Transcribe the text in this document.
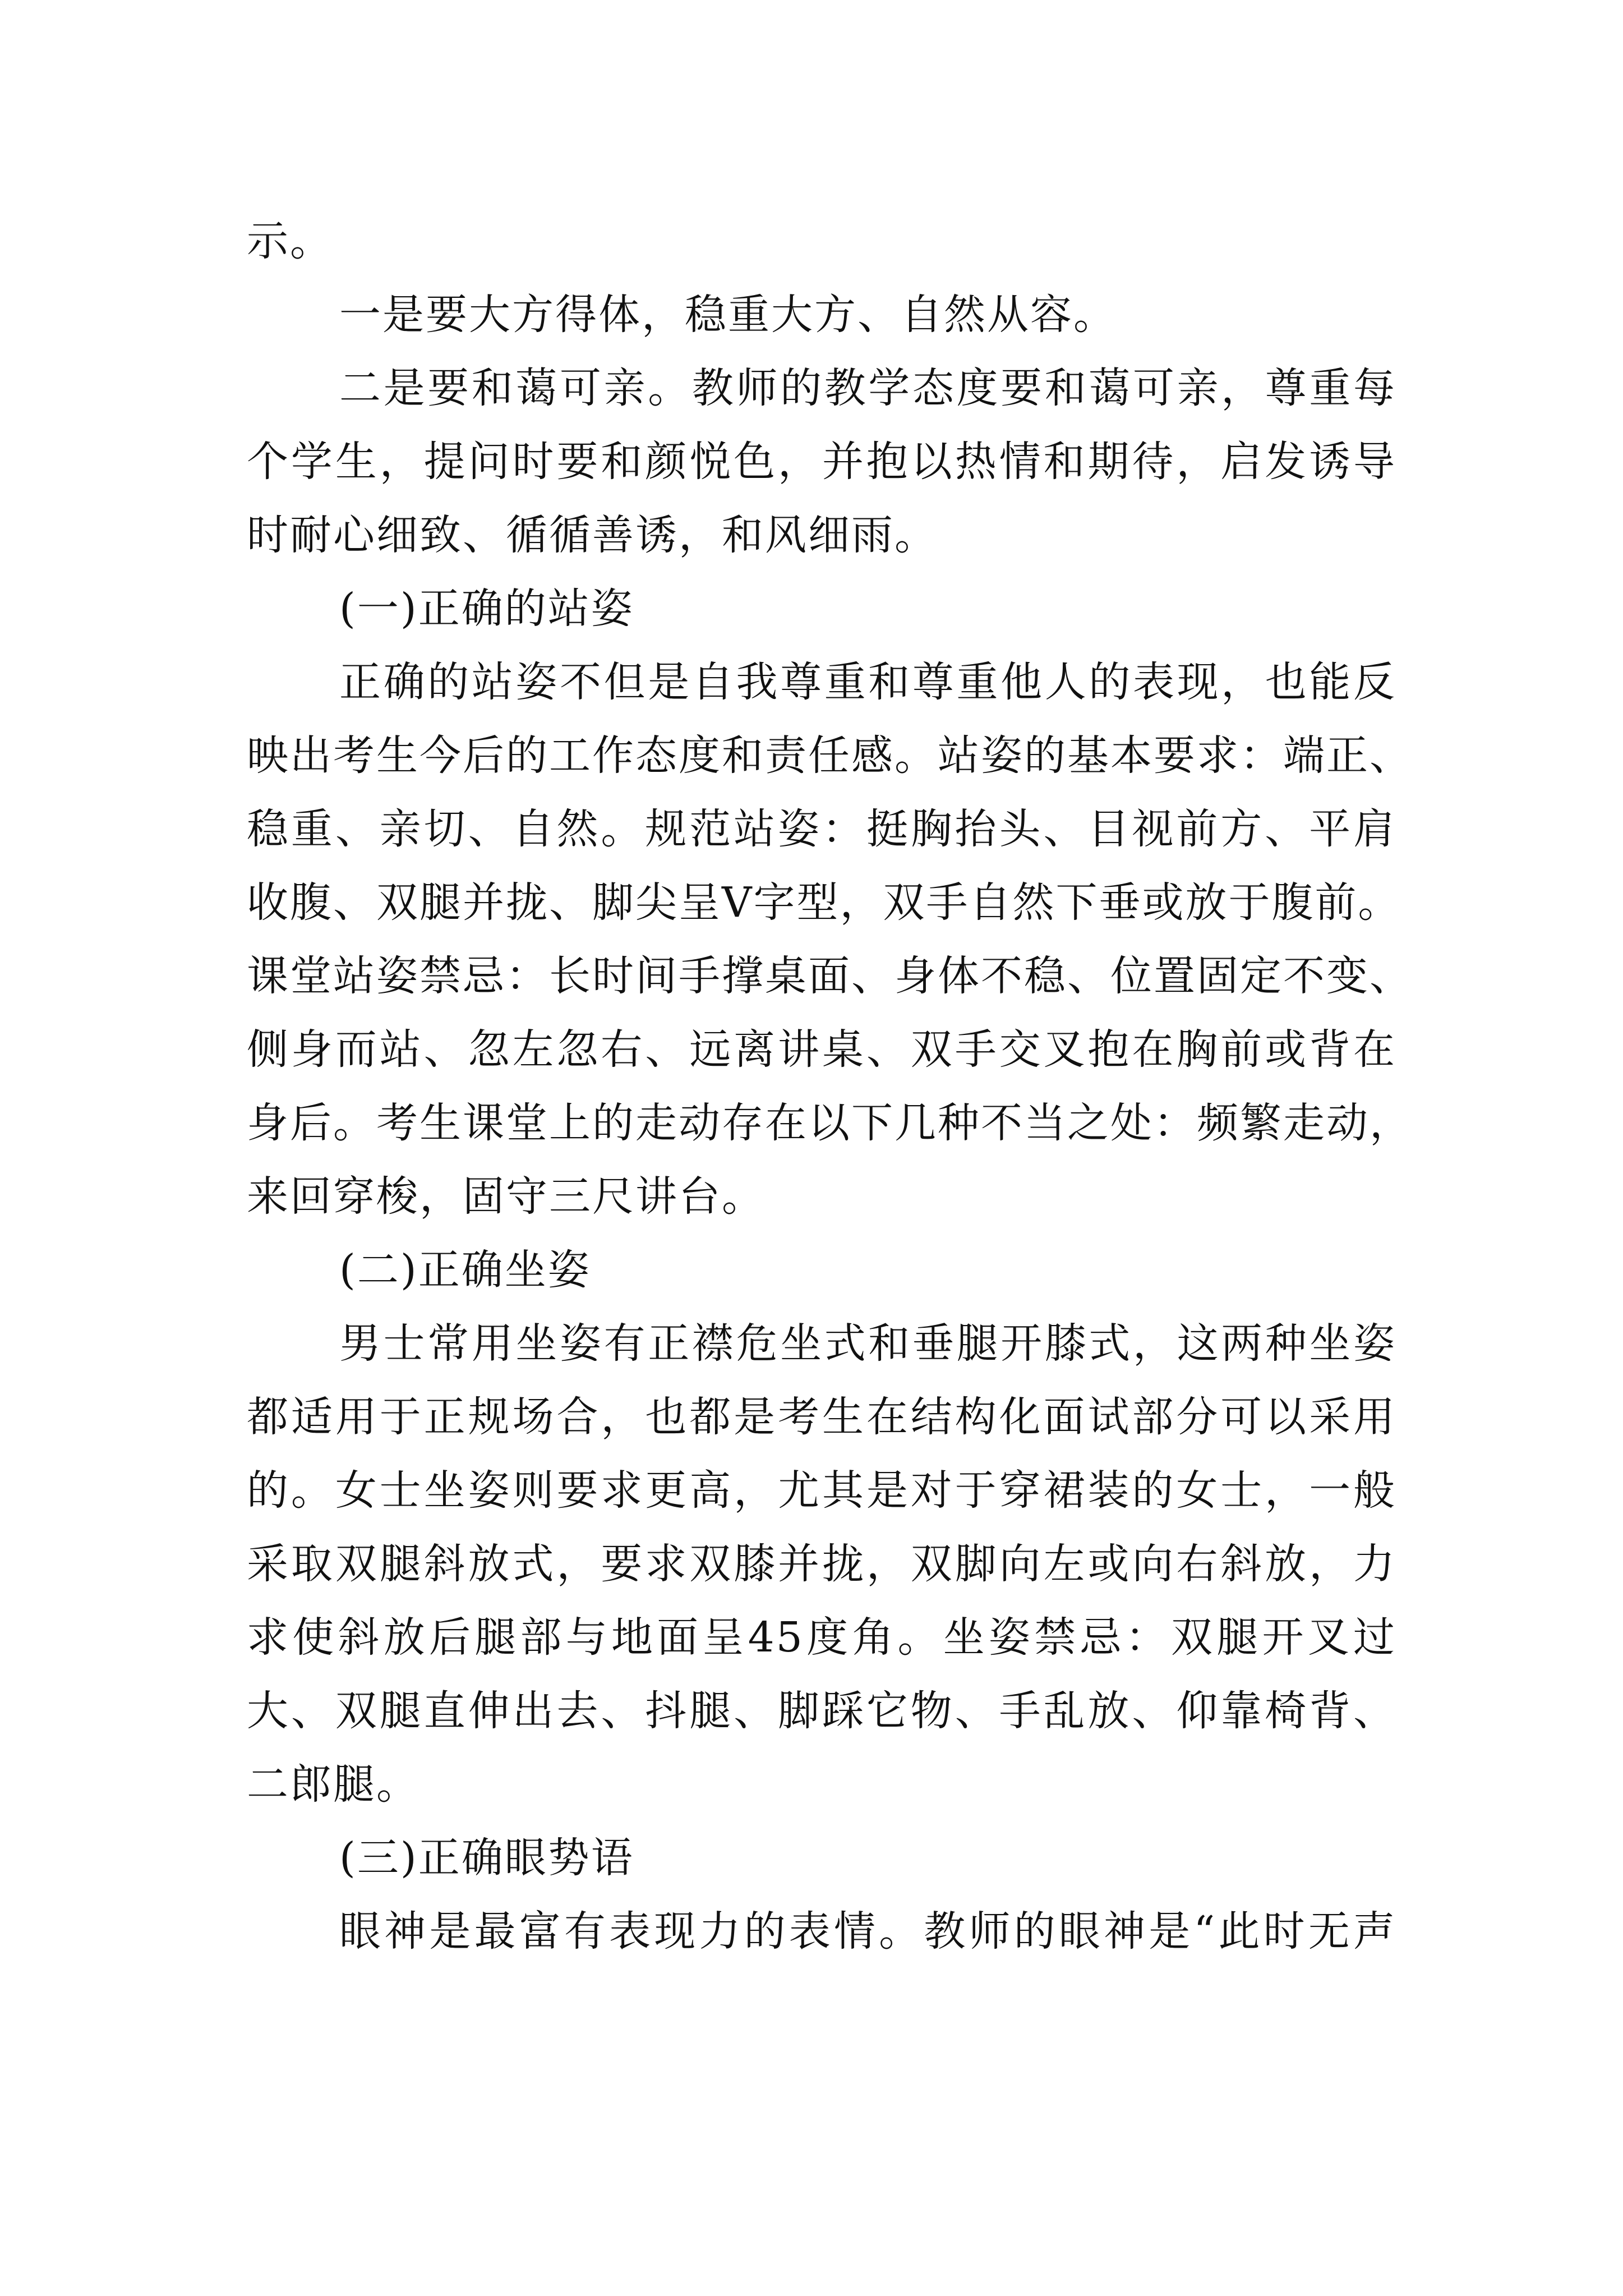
示。
一是要大方得体，稳重大方、自然从容。
二是要和蔼可亲。教师的教学态度要和蔼可亲，尊重每
个学生，提问时要和颜悦色，并抱以热情和期待，启发诱导
时耐心细致、循循善诱，和风细雨。
(一)正确的站姿
正确的站姿不但是自我尊重和尊重他人的表现，也能反
映出考生今后的工作态度和责任感。站姿的基本要求：端正、
稳重、亲切、自然。规范站姿：挺胸抬头、目视前方、平肩
收腹、双腿并拢、脚尖呈V字型，双手自然下垂或放于腹前。
课堂站姿禁忌：长时间手撑桌面、身体不稳、位置固定不变、
侧身而站、忽左忽右、远离讲桌、双手交叉抱在胸前或背在
身后。考生课堂上的走动存在以下几种不当之处：频繁走动，
来回穿梭，固守三尺讲台。
(二)正确坐姿
男士常用坐姿有正襟危坐式和垂腿开膝式，这两种坐姿
都适用于正规场合，也都是考生在结构化面试部分可以采用
的。女士坐姿则要求更高，尤其是对于穿裙装的女士，一般
采取双腿斜放式，要求双膝并拢，双脚向左或向右斜放，力
求使斜放后腿部与地面呈45度角。坐姿禁忌：双腿开叉过
大、双腿直伸出去、抖腿、脚踩它物、手乱放、仰靠椅背、
二郎腿。
(三)正确眼势语
眼神是最富有表现力的表情。教师的眼神是“此时无声
